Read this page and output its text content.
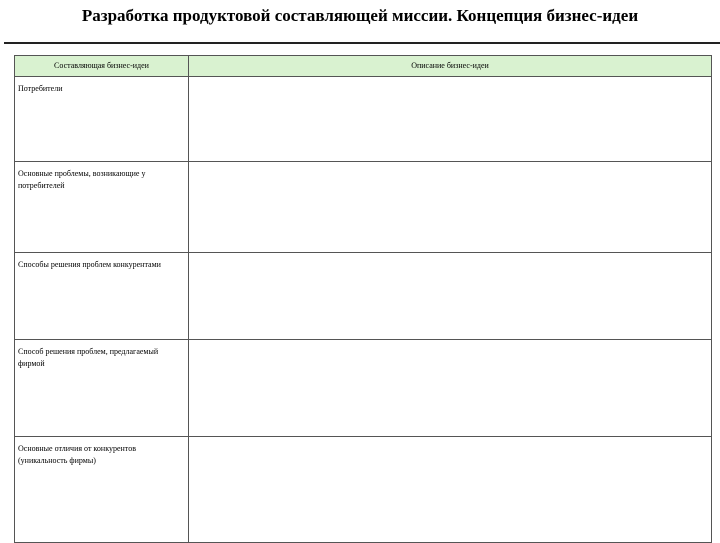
Разработка продуктовой составляющей миссии. Концепция бизнес-идеи
Составляющая бизнес-идеи	Описание бизнес-идеи
Потребители	
Основные проблемы, возникающие у потребителей	
Способы решения проблем конкурентами	
Способ решения проблем, предлагаемый фирмой	
Основные отличия от конкурентов (уникальность фирмы)	
